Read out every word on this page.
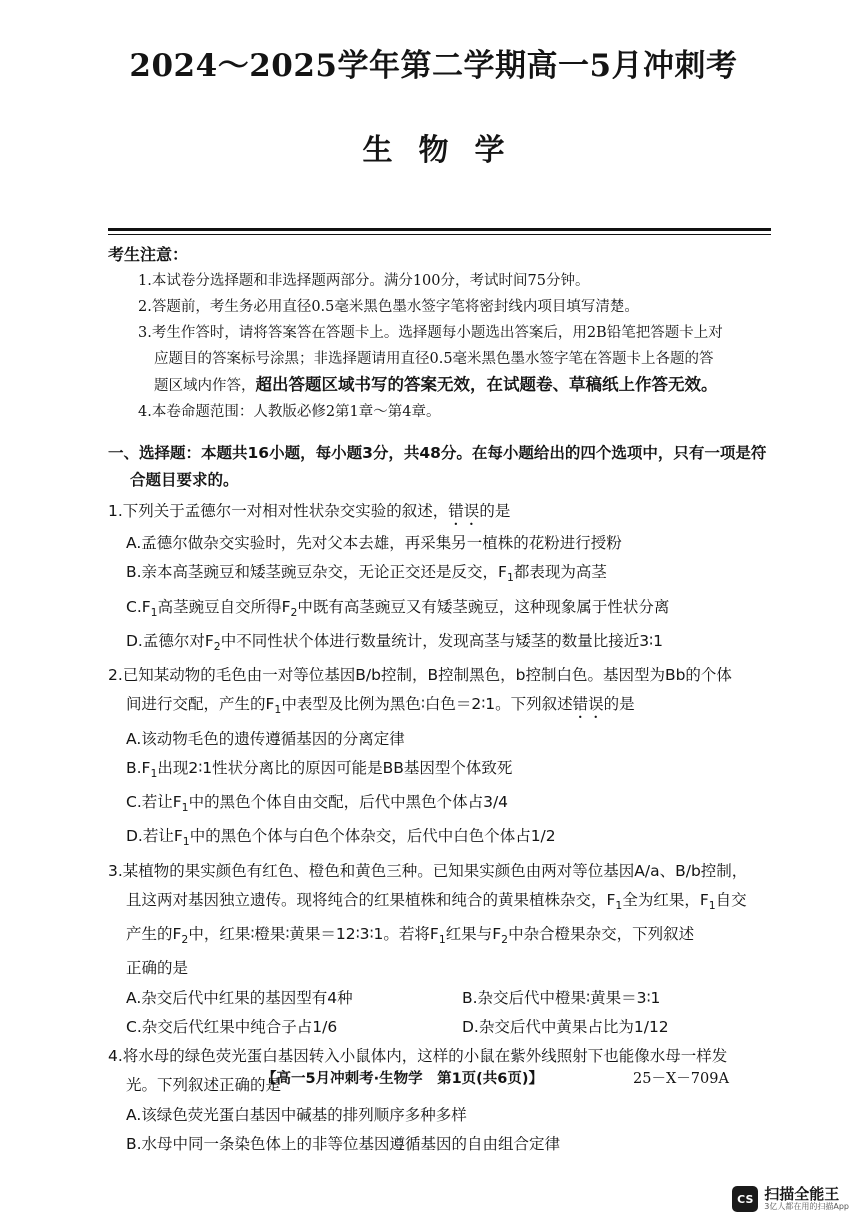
2024～2025学年第二学期高一5月冲刺考
生物学
考生注意：
1.本试卷分选择题和非选择题两部分。满分100分，考试时间75分钟。
2.答题前，考生务必用直径0.5毫米黑色墨水签字笔将密封线内项目填写清楚。
3.考生作答时，请将答案答在答题卡上。选择题每小题选出答案后，用2B铅笔把答题卡上对
应题目的答案标号涂黑；非选择题请用直径0.5毫米黑色墨水签字笔在答题卡上各题的答
题区域内作答，超出答题区域书写的答案无效，在试题卷、草稿纸上作答无效。
4.本卷命题范围：人教版必修2第1章～第4章。
一、选择题：本题共16小题，每小题3分，共48分。在每小题给出的四个选项中，只有一项是符
合题目要求的。
1.下列关于孟德尔一对相对性状杂交实验的叙述，错误的是
A.孟德尔做杂交实验时，先对父本去雄，再采集另一植株的花粉进行授粉
B.亲本高茎豌豆和矮茎豌豆杂交，无论正交还是反交，$F_1$都表现为高茎
$C.F_1$高茎豌豆自交所得$F_2$中既有高茎豌豆又有矮茎豌豆，这种现象属于性状分离
D.孟德尔对$F_2$中不同性状个体进行数量统计，发现高茎与矮茎的数量比接近3∶1
2.已知某动物的毛色由一对等位基因B/b控制，B控制黑色，b控制白色。基因型为Bb的个体
间进行交配，产生的$F_1$中表型及比例为黑色∶白色＝2∶1。下列叙述错误的是
A.该动物毛色的遗传遵循基因的分离定律
$B.F_1$出现2∶1性状分离比的原因可能是BB基因型个体致死
C.若让$F_1$中的黑色个体自由交配，后代中黑色个体占3/4
D.若让$F_1$中的黑色个体与白色个体杂交，后代中白色个体占1/2
3.某植物的果实颜色有红色、橙色和黄色三种。已知果实颜色由两对等位基因A/a、B/b控制，
且这两对基因独立遗传。现将纯合的红果植株和纯合的黄果植株杂交，$F_1$全为红果，$F_1$自交
产生的$F_2$中，红果∶橙果∶黄果＝12∶3∶1。若将$F_1$红果与$F_2$中杂合橙果杂交，下列叙述
正确的是
A.杂交后代中红果的基因型有4种	B.杂交后代中橙果∶黄果＝3∶1
C.杂交后代红果中纯合子占1/6	D.杂交后代中黄果占比为1/12
4.将水母的绿色荧光蛋白基因转入小鼠体内，这样的小鼠在紫外线照射下也能像水母一样发
光。下列叙述正确的是
A.该绿色荧光蛋白基因中碱基的排列顺序多种多样
B.水母中同一条染色体上的非等位基因遵循基因的自由组合定律
【高一5月冲刺考·生物学　第1页(共6页)】	25－X－709A
CS 扫描全能王
3亿人都在用的扫描App
